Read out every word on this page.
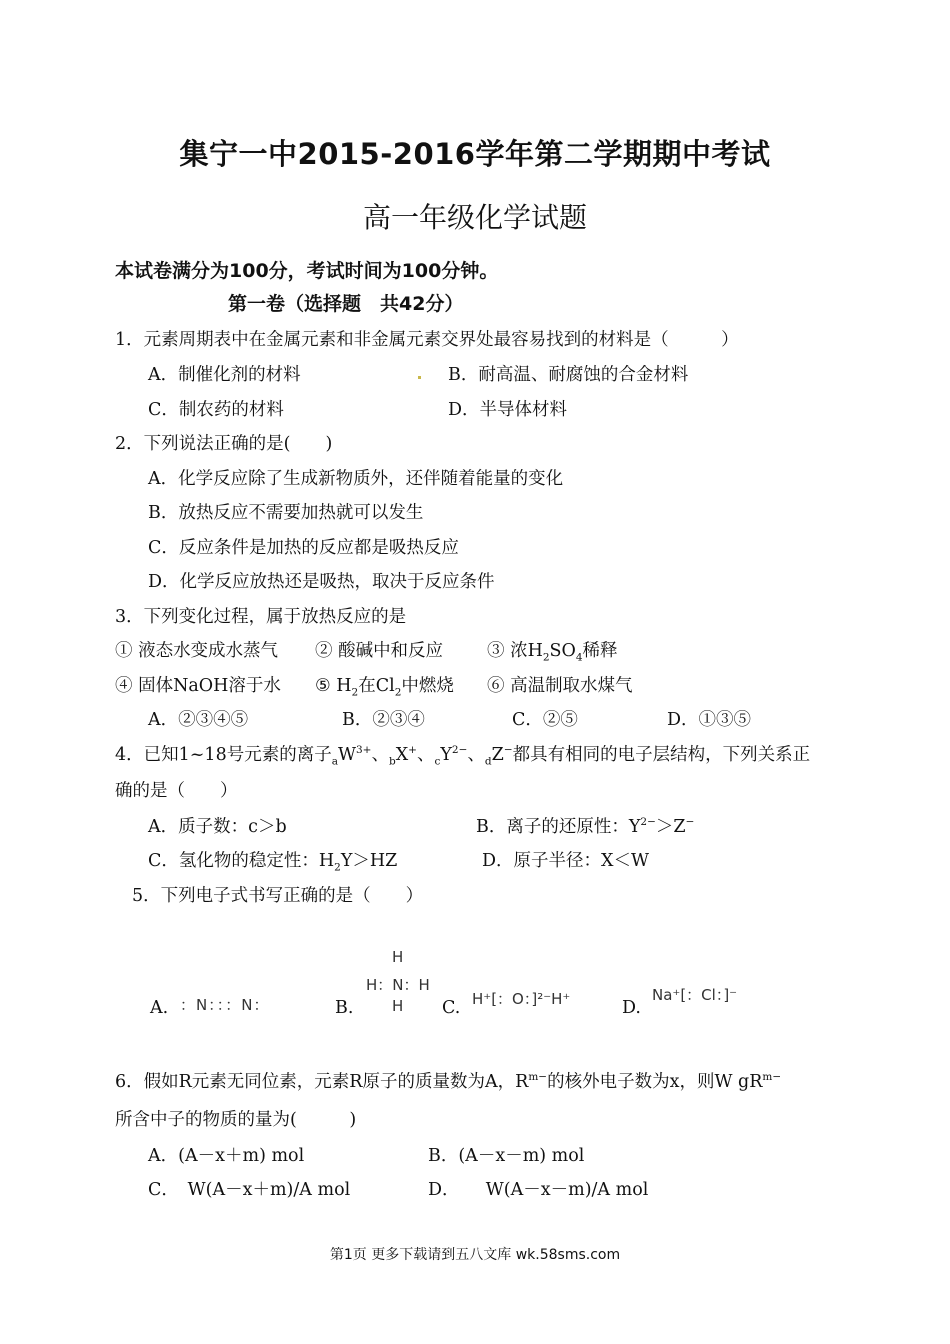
集宁一中2015-2016学年第二学期期中考试
高一年级化学试题
本试卷满分为100分，考试时间为100分钟。
第一卷（选择题　共42分）
1．元素周期表中在金属元素和非金属元素交界处最容易找到的材料是（　　　）
A．制催化剂的材料	B．耐高温、耐腐蚀的合金材料
C．制农药的材料	D．半导体材料
2．下列说法正确的是(　　)
A．化学反应除了生成新物质外，还伴随着能量的变化
B．放热反应不需要加热就可以发生
C．反应条件是加热的反应都是吸热反应
D．化学反应放热还是吸热，取决于反应条件
3．下列变化过程，属于放热反应的是
① 液态水变成水蒸气 ② 酸碱中和反应	③ 浓$H_2SO_4$稀释
④ 固体NaOH溶于水 ⑤ $H_2$在$Cl_2$中燃烧 ⑥ 高温制取水煤气
A．②③④⑤	B．②③④	C．②⑤	D．①③⑤
4．已知1~18号元素的离子$_aW^{3+}$、$_b$X+、$_cY^{2-}$、$_d$Z−都具有相同的电子层结构，下列关系正
确的是（　　）
A．质子数：c＞b	B．离子的还原性：$Y^{2-}>Z^-$
C．氢化物的稳定性：$H_2Y>HZ$	D．原子半径：X＜W
5．下列电子式书写正确的是（　　）
A. ：N：：：N：	B.
H
H：N：H
H C. H⁺[：O：]²⁻H⁺	D.
Na⁺[：Cl：]⁻
6．假如R元素无同位素，元素R原子的质量数为A，$R^{m-}$的核外电子数为x，则W $gR^{m-}$
所含中子的物质的量为(　　　)
A．(A－x＋m) mol	B．(A－x－m) mol
C．　W(A－x＋m)/A mol	D．　　W(A－x－m)/A mol
第1页 更多下载请到五八文库 wk.58sms.com
